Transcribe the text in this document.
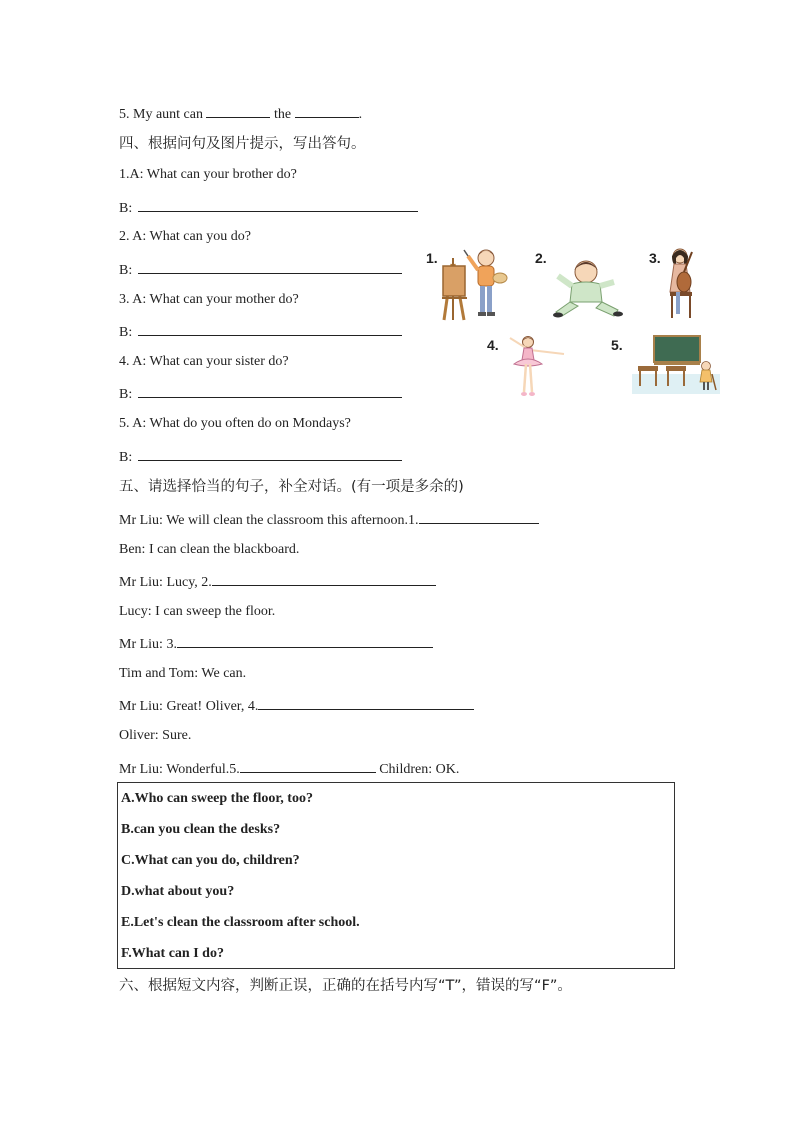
5. My aunt can	the	.
四、根据问句及图片提示，写出答句。
1.A: What can your brother do?
B:
2. A: What can you do?
B:
3. A: What can your mother do?
B:
4. A: What can your sister do?
B:
5. A: What do you often do on Mondays?
B:
1.	2.	3.
4.	5.
五、请选择恰当的句子，补全对话。(有一项是多余的)
Mr Liu: We will clean the classroom this afternoon.1.
Ben: I can clean the blackboard.
Mr Liu: Lucy, 2.
Lucy: I can sweep the floor.
Mr Liu: 3.
Tim and Tom: We can.
Mr Liu: Great! Oliver, 4.
Oliver: Sure.
Mr Liu: Wonderful.5.	Children: OK.
A.Who can sweep the floor, too?
B.can you clean the desks?
C.What can you do, children?
D.what about you?
E.Let's clean the classroom after school.
F.What can I do?
六、根据短文内容，判断正误，正确的在括号内写“T”，错误的写“F”。
